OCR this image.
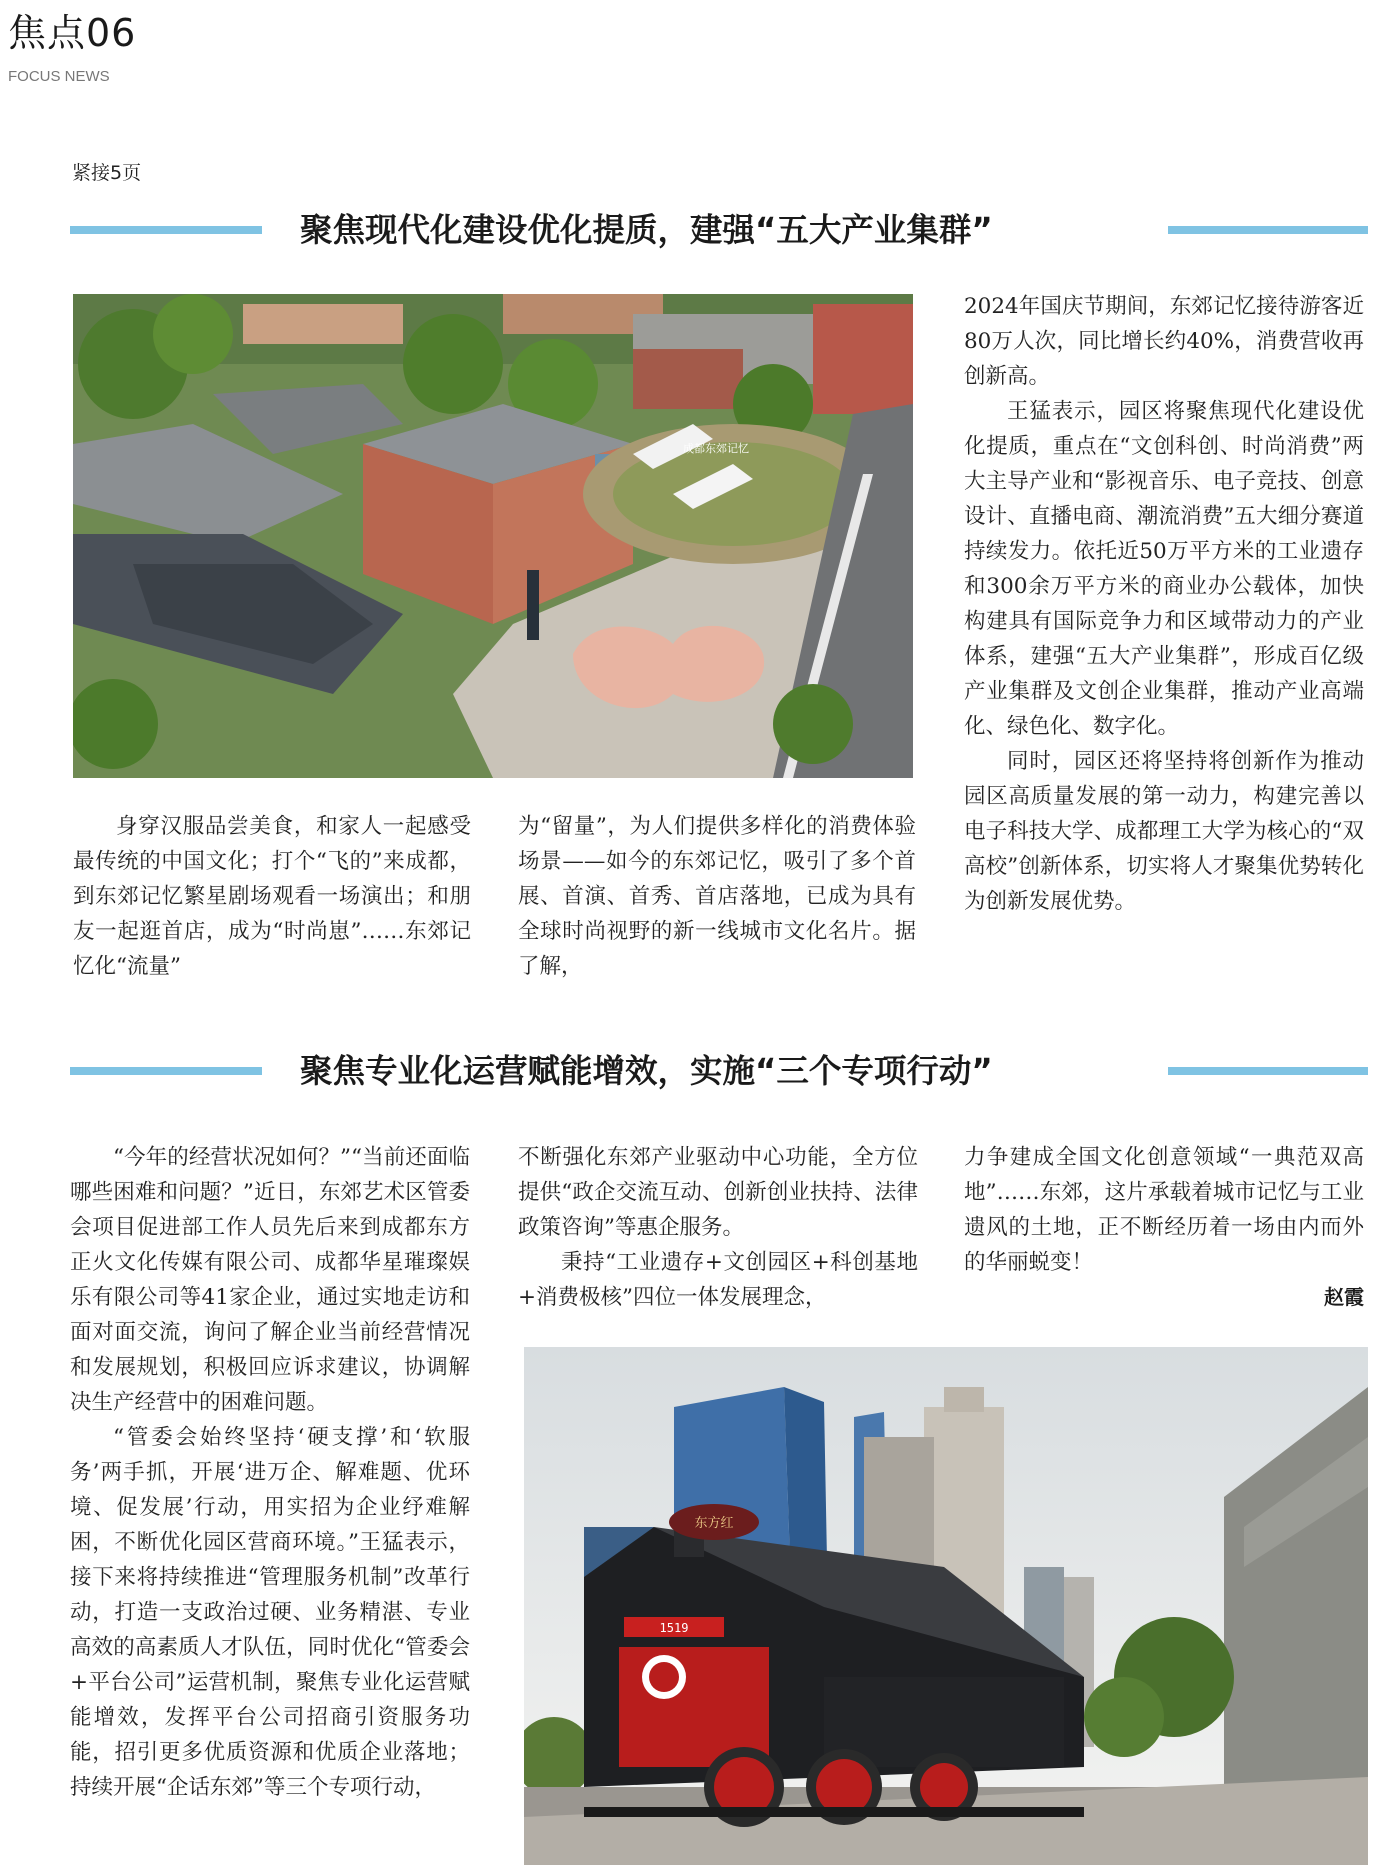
焦点06
FOCUS NEWS
紧接5页
聚焦现代化建设优化提质，建强“五大产业集群”
成都东郊记忆

身穿汉服品尝美食，和家人一起感受最传统的中国文化；打个“飞的”来成都，到东郊记忆繁星剧场观看一场演出；和朋友一起逛首店，成为“时尚崽”……东郊记忆化“流量”

为“留量”，为人们提供多样化的消费体验场景——如今的东郊记忆，吸引了多个首展、首演、首秀、首店落地，已成为具有全球时尚视野的新一线城市文化名片。据了解，

2024年国庆节期间，东郊记忆接待游客近80万人次，同比增长约40%，消费营收再创新高。

王猛表示，园区将聚焦现代化建设优化提质，重点在“文创科创、时尚消费”两大主导产业和“影视音乐、电子竞技、创意设计、直播电商、潮流消费”五大细分赛道持续发力。依托近50万平方米的工业遗存和300余万平方米的商业办公载体，加快构建具有国际竞争力和区域带动力的产业体系，建强“五大产业集群”，形成百亿级产业集群及文创企业集群，推动产业高端化、绿色化、数字化。

同时，园区还将坚持将创新作为推动园区高质量发展的第一动力，构建完善以电子科技大学、成都理工大学为核心的“双高校”创新体系，切实将人才聚集优势转化为创新发展优势。

聚焦专业化运营赋能增效，实施“三个专项行动”

“今年的经营状况如何？”“当前还面临哪些困难和问题？”近日，东郊艺术区管委会项目促进部工作人员先后来到成都东方正火文化传媒有限公司、成都华星璀璨娱乐有限公司等41家企业，通过实地走访和面对面交流，询问了解企业当前经营情况和发展规划，积极回应诉求建议，协调解决生产经营中的困难问题。

“管委会始终坚持‘硬支撑’和‘软服务’两手抓，开展‘进万企、解难题、优环境、促发展’行动，用实招为企业纾难解困，不断优化园区营商环境。”王猛表示，接下来将持续推进“管理服务机制”改革行动，打造一支政治过硬、业务精湛、专业高效的高素质人才队伍，同时优化“管委会+平台公司”运营机制，聚焦专业化运营赋能增效，发挥平台公司招商引资服务功能，招引更多优质资源和优质企业落地；持续开展“企话东郊”等三个专项行动，

不断强化东郊产业驱动中心功能，全方位提供“政企交流互动、创新创业扶持、法律政策咨询”等惠企服务。

秉持“工业遗存+文创园区+科创基地+消费极核”四位一体发展理念，

力争建成全国文化创意领域“一典范双高地”……东郊，这片承载着城市记忆与工业遗风的土地，正不断经历着一场由内而外的华丽蜕变！

赵霞
东方红
1519
